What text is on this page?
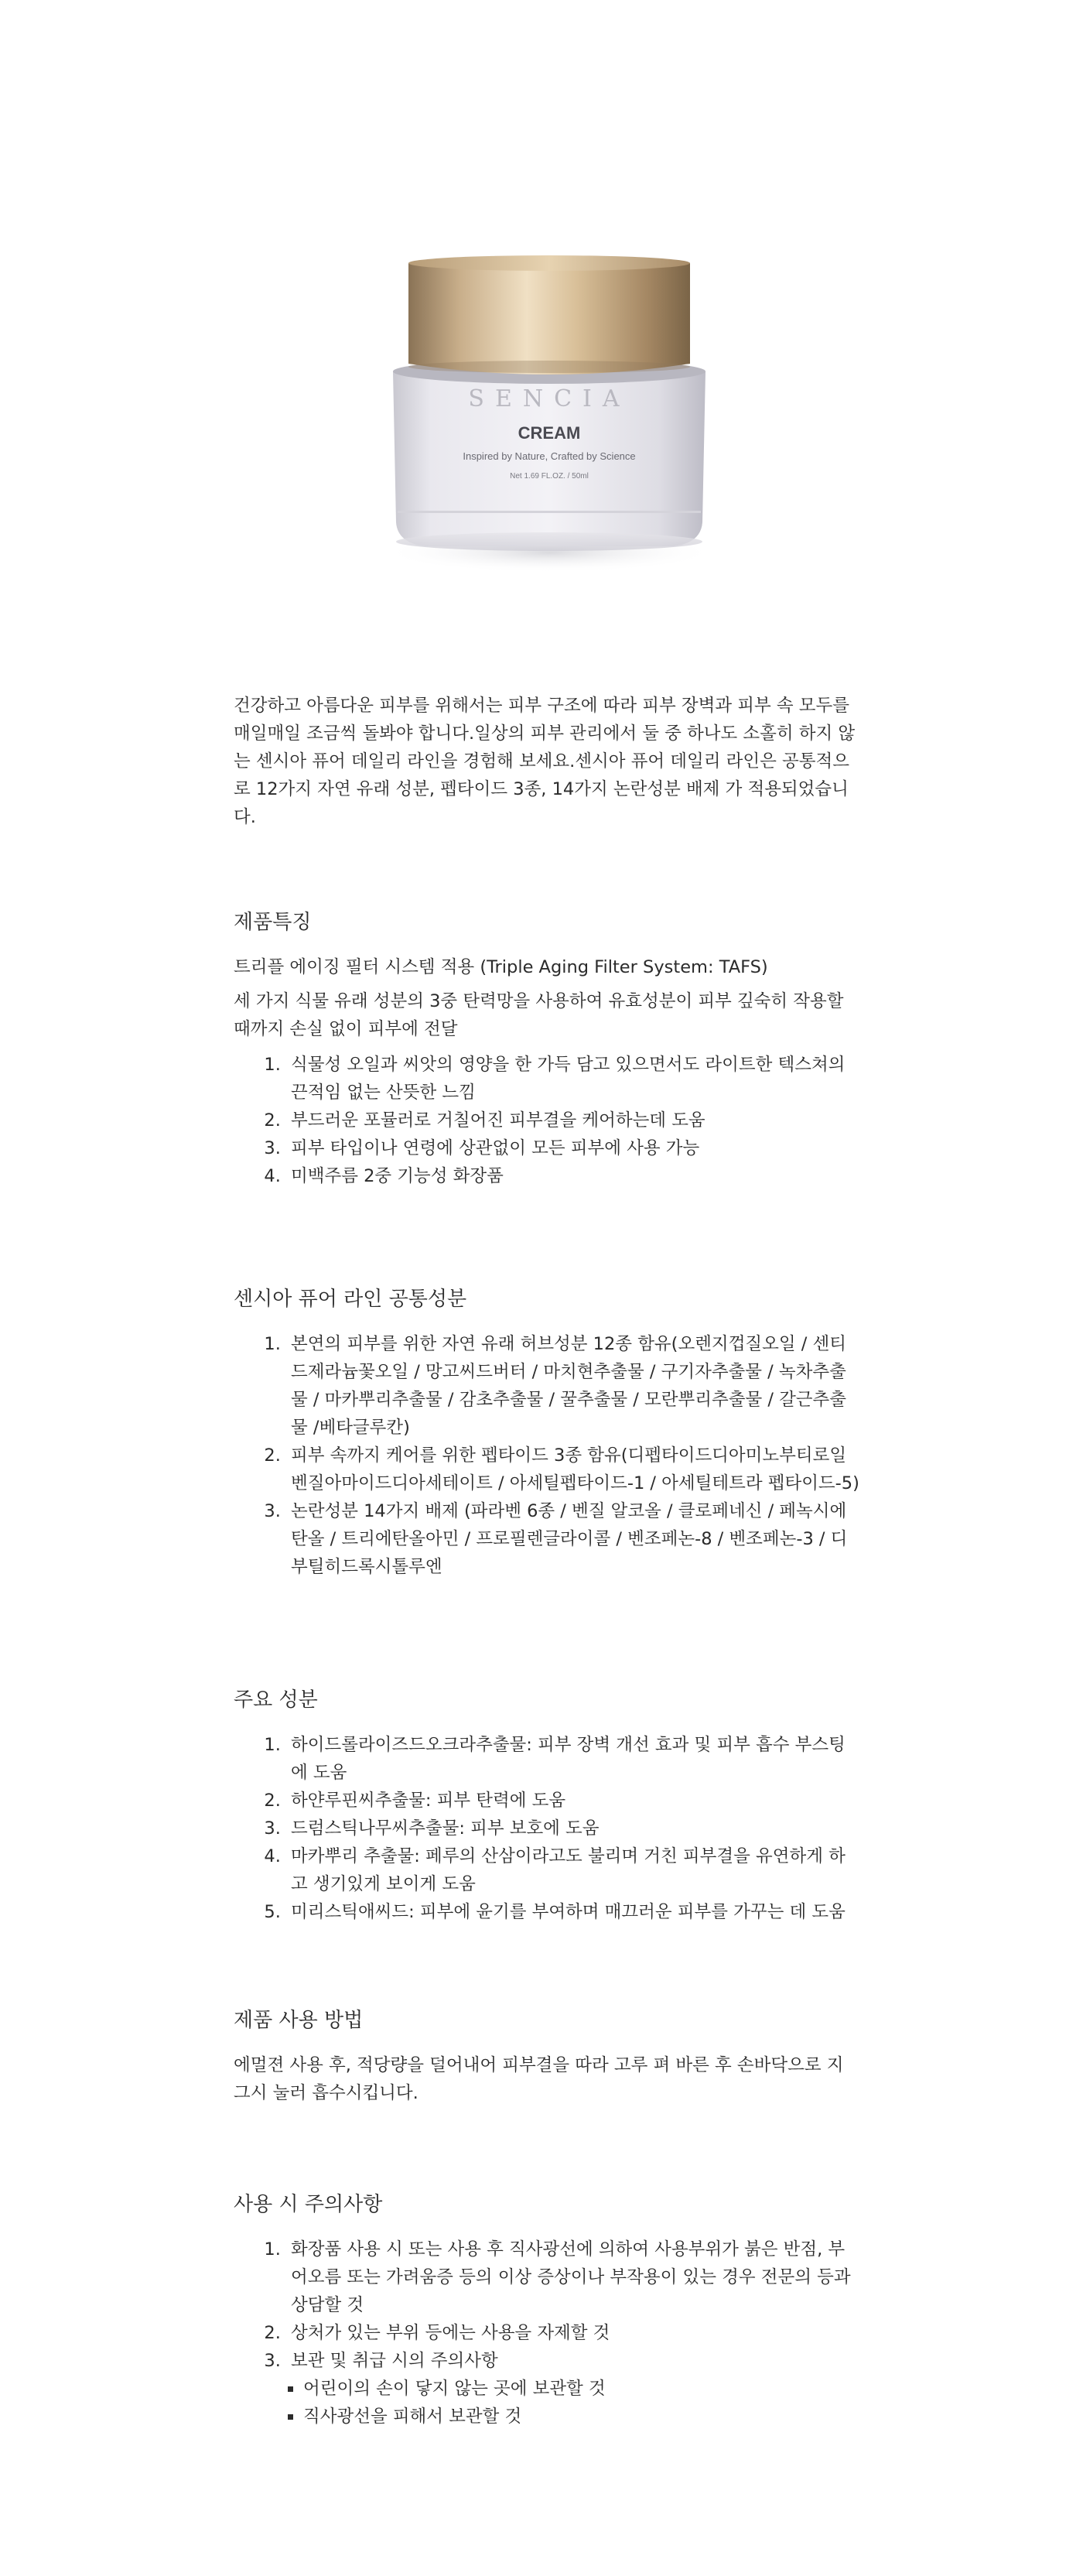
SENCIA
CREAM
Inspired by Nature, Crafted by Science
Net 1.69 FL.OZ. / 50ml

건강하고 아름다운 피부를 위해서는 피부 구조에 따라 피부 장벽과 피부 속 모두를 매일매일 조금씩 돌봐야 합니다.일상의 피부 관리에서 둘 중 하나도 소홀히 하지 않는 센시아 퓨어 데일리 라인을 경험해 보세요.센시아 퓨어 데일리 라인은 공통적으로 12가지 자연 유래 성분, 펩타이드 3종, 14가지 논란성분 배제 가 적용되었습니다.

제품특징

트리플 에이징 필터 시스템 적용 (Triple Aging Filter System: TAFS)

세 가지 식물 유래 성분의 3중 탄력망을 사용하여 유효성분이 피부 깊숙히 작용할 때까지 손실 없이 피부에 전달

1. 식물성 오일과 씨앗의 영양을 한 가득 담고 있으면서도 라이트한 텍스쳐의 끈적임 없는 산뜻한 느낌
2. 부드러운 포뮬러로 거칠어진 피부결을 케어하는데 도움
3. 피부 타입이나 연령에 상관없이 모든 피부에 사용 가능
4. 미백주름 2중 기능성 화장품
센시아 퓨어 라인 공통성분
1. 본연의 피부를 위한 자연 유래 허브성분 12종 함유(오렌지껍질오일 / 센티드제라늄꽃오일 / 망고씨드버터 / 마치현추출물 / 구기자추출물 / 녹차추출물 / 마카뿌리추출물 / 감초추출물 / 꿀추출물 / 모란뿌리추출물 / 갈근추출물 /베타글루칸)
2. 피부 속까지 케어를 위한 펩타이드 3종 함유(디펩타이드디아미노부티로일벤질아마이드디아세테이트 / 아세틸펩타이드-1 / 아세틸테트라 펩타이드-5)
3. 논란성분 14가지 배제 (파라벤 6종 / 벤질 알코올 / 클로페네신 / 페녹시에탄올 / 트리에탄올아민 / 프로필렌글라이콜 / 벤조페논-8 / 벤조페논-3 / 디부틸히드록시톨루엔
주요 성분
1. 하이드롤라이즈드오크라추출물: 피부 장벽 개선 효과 및 피부 흡수 부스팅에 도움
2. 하얀루핀씨추출물: 피부 탄력에 도움
3. 드럼스틱나무씨추출물: 피부 보호에 도움
4. 마카뿌리 추출물: 페루의 산삼이라고도 불리며 거친 피부결을 유연하게 하고 생기있게 보이게 도움
5. 미리스틱애씨드: 피부에 윤기를 부여하며 매끄러운 피부를 가꾸는 데 도움
제품 사용 방법

에멀젼 사용 후, 적당량을 덜어내어 피부결을 따라 고루 펴 바른 후 손바닥으로 지그시 눌러 흡수시킵니다.

사용 시 주의사항
1. 화장품 사용 시 또는 사용 후 직사광선에 의하여 사용부위가 붉은 반점, 부어오름 또는 가려움증 등의 이상 증상이나 부작용이 있는 경우 전문의 등과 상담할 것
2. 상처가 있는 부위 등에는 사용을 자제할 것
3. 보관 및 취급 시의 주의사항
▪ 어린이의 손이 닿지 않는 곳에 보관할 것
▪ 직사광선을 피해서 보관할 것
